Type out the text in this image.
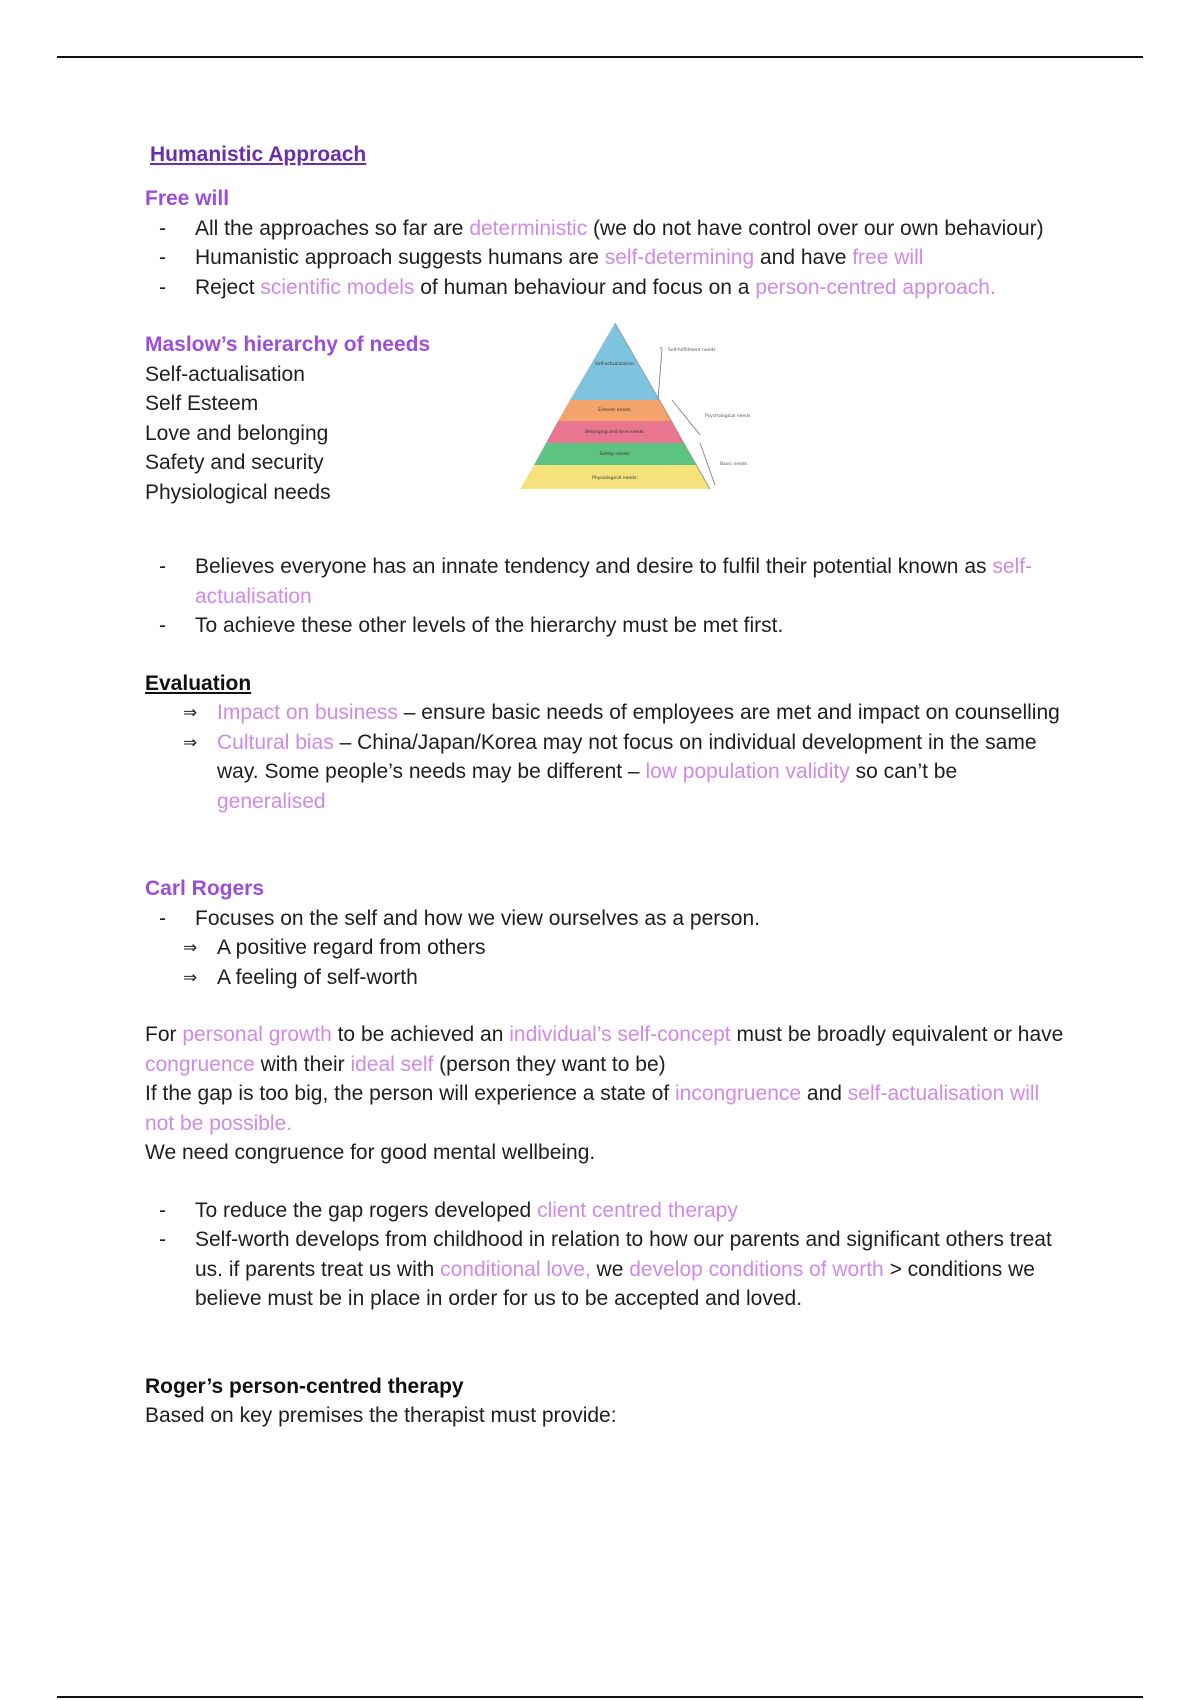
Humanistic Approach
Free will
- All the approaches so far are deterministic (we do not have control over our own behaviour)
- Humanistic approach suggests humans are self-determining and have free will
- Reject scientific models of human behaviour and focus on a person-centred approach.
Maslow’s hierarchy of needs
Self-actualisation
Self Esteem
Love and belonging
Safety and security
Physiological needs
Self-actualization:
Esteem needs:
Belonging and love needs:
Safety needs:
Physiological needs:
Self-fulfillment needs
Psychological needs
Basic needs
- Believes everyone has an innate tendency and desire to fulfil their potential known as self-actualisation
- To achieve these other levels of the hierarchy must be met first.
Evaluation
⇒ Impact on business – ensure basic needs of employees are met and impact on counselling
⇒ Cultural bias – China/Japan/Korea may not focus on individual development in the same way. Some people’s needs may be different – low population validity so can’t be generalised
Carl Rogers
- Focuses on the self and how we view ourselves as a person.
⇒ A positive regard from others
⇒ A feeling of self-worth

For personal growth to be achieved an individual’s self-concept must be broadly equivalent or have congruence with their ideal self (person they want to be)

If the gap is too big, the person will experience a state of incongruence and self-actualisation will not be possible.

We need congruence for good mental wellbeing.

- To reduce the gap rogers developed client centred therapy
- Self-worth develops from childhood in relation to how our parents and significant others treat us. if parents treat us with conditional love, we develop conditions of worth > conditions we believe must be in place in order for us to be accepted and loved.
Roger’s person-centred therapy

Based on key premises the therapist must provide:
